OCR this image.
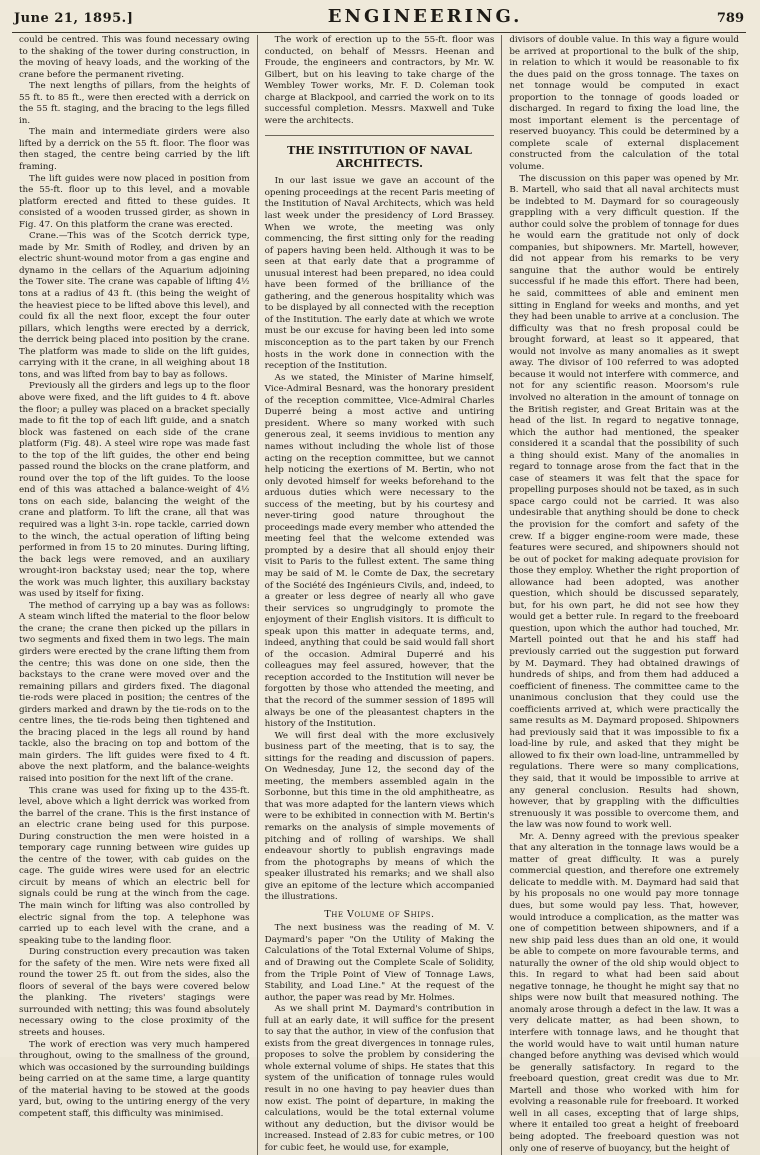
June 21, 1895.]	ENGINEERING.	789

could be centred. This was found necessary owing to the shaking of the tower during construction, in the moving of heavy loads, and the working of the crane before the permanent riveting.

The next lengths of pillars, from the heights of 55 ft. to 85 ft., were then erected with a derrick on the 55 ft. staging, and the bracing to the legs filled in.

The main and intermediate girders were also lifted by a derrick on the 55 ft. floor. The floor was then staged, the centre being carried by the lift framing.

The lift guides were now placed in position from the 55-ft. floor up to this level, and a movable platform erected and fitted to these guides. It consisted of a wooden trussed girder, as shown in Fig. 47. On this platform the crane was erected.

Crane.—This was of the Scotch derrick type, made by Mr. Smith of Rodley, and driven by an electric shunt-wound motor from a gas engine and dynamo in the cellars of the Aquarium adjoining the Tower site. The crane was capable of lifting 4½ tons at a radius of 43 ft. (this being the weight of the heaviest piece to be lifted above this level), and could fix all the next floor, except the four outer pillars, which lengths were erected by a derrick, the derrick being placed into position by the crane. The platform was made to slide on the lift guides, carrying with it the crane, in all weighing about 18 tons, and was lifted from bay to bay as follows.

Previously all the girders and legs up to the floor above were fixed, and the lift guides to 4 ft. above the floor; a pulley was placed on a bracket specially made to fit the top of each lift guide, and a snatch block was fastened on each side of the crane platform (Fig. 48). A steel wire rope was made fast to the top of the lift guides, the other end being passed round the blocks on the crane platform, and round over the top of the lift guides. To the loose end of this was attached a balance-weight of 4½ tons on each side, balancing the weight of the crane and platform. To lift the crane, all that was required was a light 3-in. rope tackle, carried down to the winch, the actual operation of lifting being performed in from 15 to 20 minutes. During lifting, the back legs were removed, and an auxiliary wrought-iron backstay used; near the top, where the work was much lighter, this auxiliary backstay was used by itself for fixing.

The method of carrying up a bay was as follows: A steam winch lifted the material to the floor below the crane; the crane then picked up the pillars in two segments and fixed them in two legs. The main girders were erected by the crane lifting them from the centre; this was done on one side, then the backstays to the crane were moved over and the remaining pillars and girders fixed. The diagonal tie-rods were placed in position; the centres of the girders marked and drawn by the tie-rods on to the centre lines, the tie-rods being then tightened and the bracing placed in the legs all round by hand tackle, also the bracing on top and bottom of the main girders. The lift guides were fixed to 4 ft. above the next platform, and the balance-weights raised into position for the next lift of the crane.

This crane was used for fixing up to the 435-ft. level, above which a light derrick was worked from the barrel of the crane. This is the first instance of an electric crane being used for this purpose. During construction the men were hoisted in a temporary cage running between wire guides up the centre of the tower, with cab guides on the cage. The guide wires were used for an electric circuit by means of which an electric bell for signals could be rung at the winch from the cage. The main winch for lifting was also controlled by electric signal from the top. A telephone was carried up to each level with the crane, and a speaking tube to the landing floor.

During construction every precaution was taken for the safety of the men. Wire nets were fixed all round the tower 25 ft. out from the sides, also the floors of several of the bays were covered below the planking. The riveters' stagings were surrounded with netting; this was found absolutely necessary owing to the close proximity of the streets and houses.

The work of erection was very much hampered throughout, owing to the smallness of the ground, which was occasioned by the surrounding buildings being carried on at the same time, a large quantity of the material having to be stowed at the goods yard, but, owing to the untiring energy of the very competent staff, this difficulty was minimised.

The work of erection up to the 55-ft. floor was conducted, on behalf of Messrs. Heenan and Froude, the engineers and contractors, by Mr. W. Gilbert, but on his leaving to take charge of the Wembley Tower works, Mr. F. D. Coleman took charge at Blackpool, and carried the work on to its successful completion. Messrs. Maxwell and Tuke were the architects.

THE INSTITUTION OF NAVAL ARCHITECTS.

In our last issue we gave an account of the opening proceedings at the recent Paris meeting of the Institution of Naval Architects, which was held last week under the presidency of Lord Brassey. When we wrote, the meeting was only commencing, the first sitting only for the reading of papers having been held. Although it was to be seen at that early date that a programme of unusual interest had been prepared, no idea could have been formed of the brilliance of the gathering, and the generous hospitality which was to be displayed by all connected with the reception of the Institution. The early date at which we wrote must be our excuse for having been led into some misconception as to the part taken by our French hosts in the work done in connection with the reception of the Institution.

As we stated, the Minister of Marine himself, Vice-Admiral Besnard, was the honorary president of the reception committee, Vice-Admiral Charles Duperré being a most active and untiring president. Where so many worked with such generous zeal, it seems invidious to mention any names without including the whole list of those acting on the reception committee, but we cannot help noticing the exertions of M. Bertin, who not only devoted himself for weeks beforehand to the arduous duties which were necessary to the success of the meeting, but by his courtesy and never-tiring good nature throughout the proceedings made every member who attended the meeting feel that the welcome extended was prompted by a desire that all should enjoy their visit to Paris to the fullest extent. The same thing may be said of M. le Comte de Dax, the secretary of the Société des Ingénieurs Civils, and, indeed, to a greater or less degree of nearly all who gave their services so ungrudgingly to promote the enjoyment of their English visitors. It is difficult to speak upon this matter in adequate terms, and, indeed, anything that could be said would fall short of the occasion. Admiral Duperré and his colleagues may feel assured, however, that the reception accorded to the Institution will never be forgotten by those who attended the meeting, and that the record of the summer session of 1895 will always be one of the pleasantest chapters in the history of the Institution.

We will first deal with the more exclusively business part of the meeting, that is to say, the sittings for the reading and discussion of papers. On Wednesday, June 12, the second day of the meeting, the members assembled again in the Sorbonne, but this time in the old amphitheatre, as that was more adapted for the lantern views which were to be exhibited in connection with M. Bertin's remarks on the analysis of simple movements of pitching and of rolling of warships. We shall endeavour shortly to publish engravings made from the photographs by means of which the speaker illustrated his remarks; and we shall also give an epitome of the lecture which accompanied the illustrations.

The Volume of Ships.

The next business was the reading of M. V. Daymard's paper "On the Utility of Making the Calculations of the Total External Volume of Ships, and of Drawing out the Complete Scale of Solidity, from the Triple Point of View of Tonnage Laws, Stability, and Load Line." At the request of the author, the paper was read by Mr. Holmes.

As we shall print M. Daymard's contribution in full at an early date, it will suffice for the present to say that the author, in view of the confusion that exists from the great divergences in tonnage rules, proposes to solve the problem by considering the whole external volume of ships. He states that this system of the unification of tonnage rules would result in no one having to pay heavier dues than now exist. The point of departure, in making the calculations, would be the total external volume without any deduction, but the divisor would be increased. Instead of 2.83 for cubic metres, or 100 for cubic feet, he would use, for example,

divisors of double value. In this way a figure would be arrived at proportional to the bulk of the ship, in relation to which it would be reasonable to fix the dues paid on the gross tonnage. The taxes on net tonnage would be computed in exact proportion to the tonnage of goods loaded or discharged. In regard to fixing the load line, the most important element is the percentage of reserved buoyancy. This could be determined by a complete scale of external displacement constructed from the calculation of the total volume.

The discussion on this paper was opened by Mr. B. Martell, who said that all naval architects must be indebted to M. Daymard for so courageously grappling with a very difficult question. If the author could solve the problem of tonnage for dues he would earn the gratitude not only of dock companies, but shipowners. Mr. Martell, however, did not appear from his remarks to be very sanguine that the author would be entirely successful if he made this effort. There had been, he said, committees of able and eminent men sitting in England for weeks and months, and yet they had been unable to arrive at a conclusion. The difficulty was that no fresh proposal could be brought forward, at least so it appeared, that would not involve as many anomalies as it swept away. The divisor of 100 referred to was adopted because it would not interfere with commerce, and not for any scientific reason. Moorsom's rule involved no alteration in the amount of tonnage on the British register, and Great Britain was at the head of the list. In regard to negative tonnage, which the author had mentioned, the speaker considered it a scandal that the possibility of such a thing should exist. Many of the anomalies in regard to tonnage arose from the fact that in the case of steamers it was felt that the space for propelling purposes should not be taxed, as in such space cargo could not be carried. It was also undesirable that anything should be done to check the provision for the comfort and safety of the crew. If a bigger engine-room were made, these features were secured, and shipowners should not be out of pocket for making adequate provision for those they employ. Whether the right proportion of allowance had been adopted, was another question, which should be discussed separately, but, for his own part, he did not see how they would get a better rule. In regard to the freeboard question, upon which the author had touched, Mr. Martell pointed out that he and his staff had previously carried out the suggestion put forward by M. Daymard. They had obtained drawings of hundreds of ships, and from them had adduced a coefficient of fineness. The committee came to the unanimous conclusion that they could use the coefficients arrived at, which were practically the same results as M. Daymard proposed. Shipowners had previously said that it was impossible to fix a load-line by rule, and asked that they might be allowed to fix their own load-line, untrammelled by regulations. There were so many complications, they said, that it would be impossible to arrive at any general conclusion. Results had shown, however, that by grappling with the difficulties strenuously it was possible to overcome them, and the law was now found to work well.

Mr. A. Denny agreed with the previous speaker that any alteration in the tonnage laws would be a matter of great difficulty. It was a purely commercial question, and therefore one extremely delicate to meddle with. M. Daymard had said that by his proposals no one would pay more tonnage dues, but some would pay less. That, however, would introduce a complication, as the matter was one of competition between shipowners, and if a new ship paid less dues than an old one, it would be able to compete on more favourable terms, and naturally the owner of the old ship would object to this. In regard to what had been said about negative tonnage, he thought he might say that no ships were now built that measured nothing. The anomaly arose through a defect in the law. It was a very delicate matter, as had been shown, to interfere with tonnage laws, and he thought that the world would have to wait until human nature changed before anything was devised which would be generally satisfactory. In regard to the freeboard question, great credit was due to Mr. Martell and those who worked with him for evolving a reasonable rule for freeboard. It worked well in all cases, excepting that of large ships, where it entailed too great a height of freeboard being adopted. The freeboard question was not only one of reserve of buoyancy, but the height of
